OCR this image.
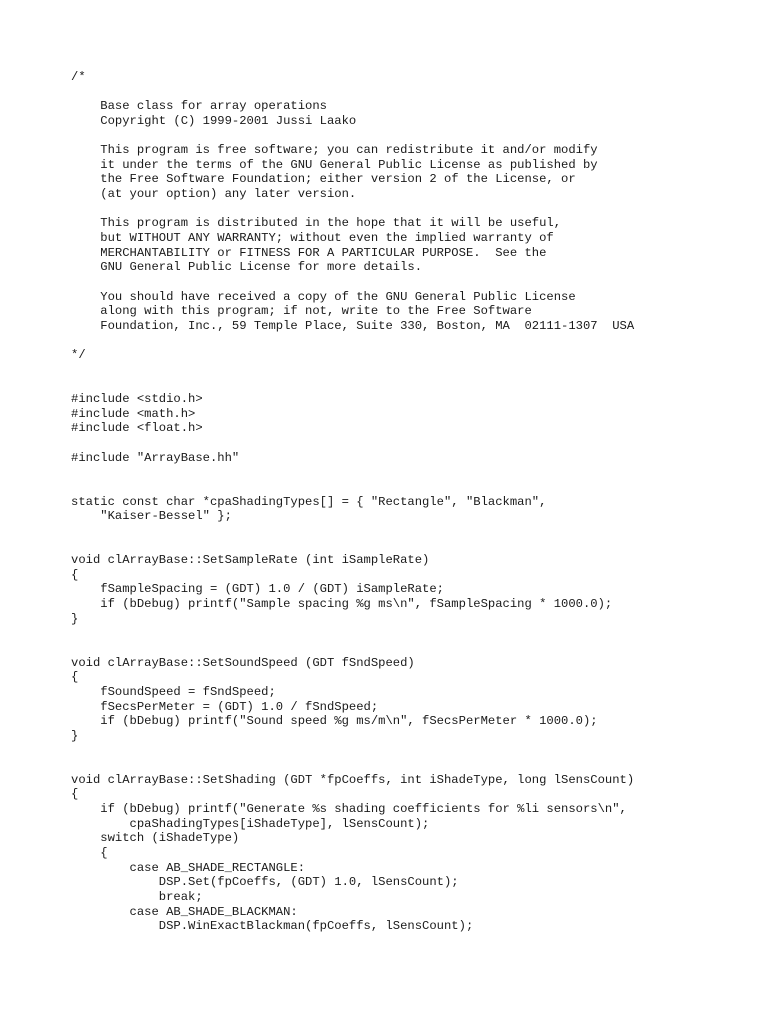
/*
Base class for array operations
Copyright (C) 1999-2001 Jussi Laako
This program is free software; you can redistribute it and/or modify
it under the terms of the GNU General Public License as published by
the Free Software Foundation; either version 2 of the License, or
(at your option) any later version.
This program is distributed in the hope that it will be useful,
but WITHOUT ANY WARRANTY; without even the implied warranty of
MERCHANTABILITY or FITNESS FOR A PARTICULAR PURPOSE.  See the
GNU General Public License for more details.
You should have received a copy of the GNU General Public License
along with this program; if not, write to the Free Software
Foundation, Inc., 59 Temple Place, Suite 330, Boston, MA  02111-1307  USA
*/
#include <stdio.h>
#include <math.h>
#include <float.h>
#include "ArrayBase.hh"
static const char *cpaShadingTypes[] = { "Rectangle", "Blackman",
"Kaiser-Bessel" };
void clArrayBase::SetSampleRate (int iSampleRate)
{
fSampleSpacing = (GDT) 1.0 / (GDT) iSampleRate;
if (bDebug) printf("Sample spacing %g ms\n", fSampleSpacing * 1000.0);
}
void clArrayBase::SetSoundSpeed (GDT fSndSpeed)
{
fSoundSpeed = fSndSpeed;
fSecsPerMeter = (GDT) 1.0 / fSndSpeed;
if (bDebug) printf("Sound speed %g ms/m\n", fSecsPerMeter * 1000.0);
}
void clArrayBase::SetShading (GDT *fpCoeffs, int iShadeType, long lSensCount)
{
if (bDebug) printf("Generate %s shading coefficients for %li sensors\n",
cpaShadingTypes[iShadeType], lSensCount);
switch (iShadeType)
{
case AB_SHADE_RECTANGLE:
DSP.Set(fpCoeffs, (GDT) 1.0, lSensCount);
break;
case AB_SHADE_BLACKMAN:
DSP.WinExactBlackman(fpCoeffs, lSensCount);
